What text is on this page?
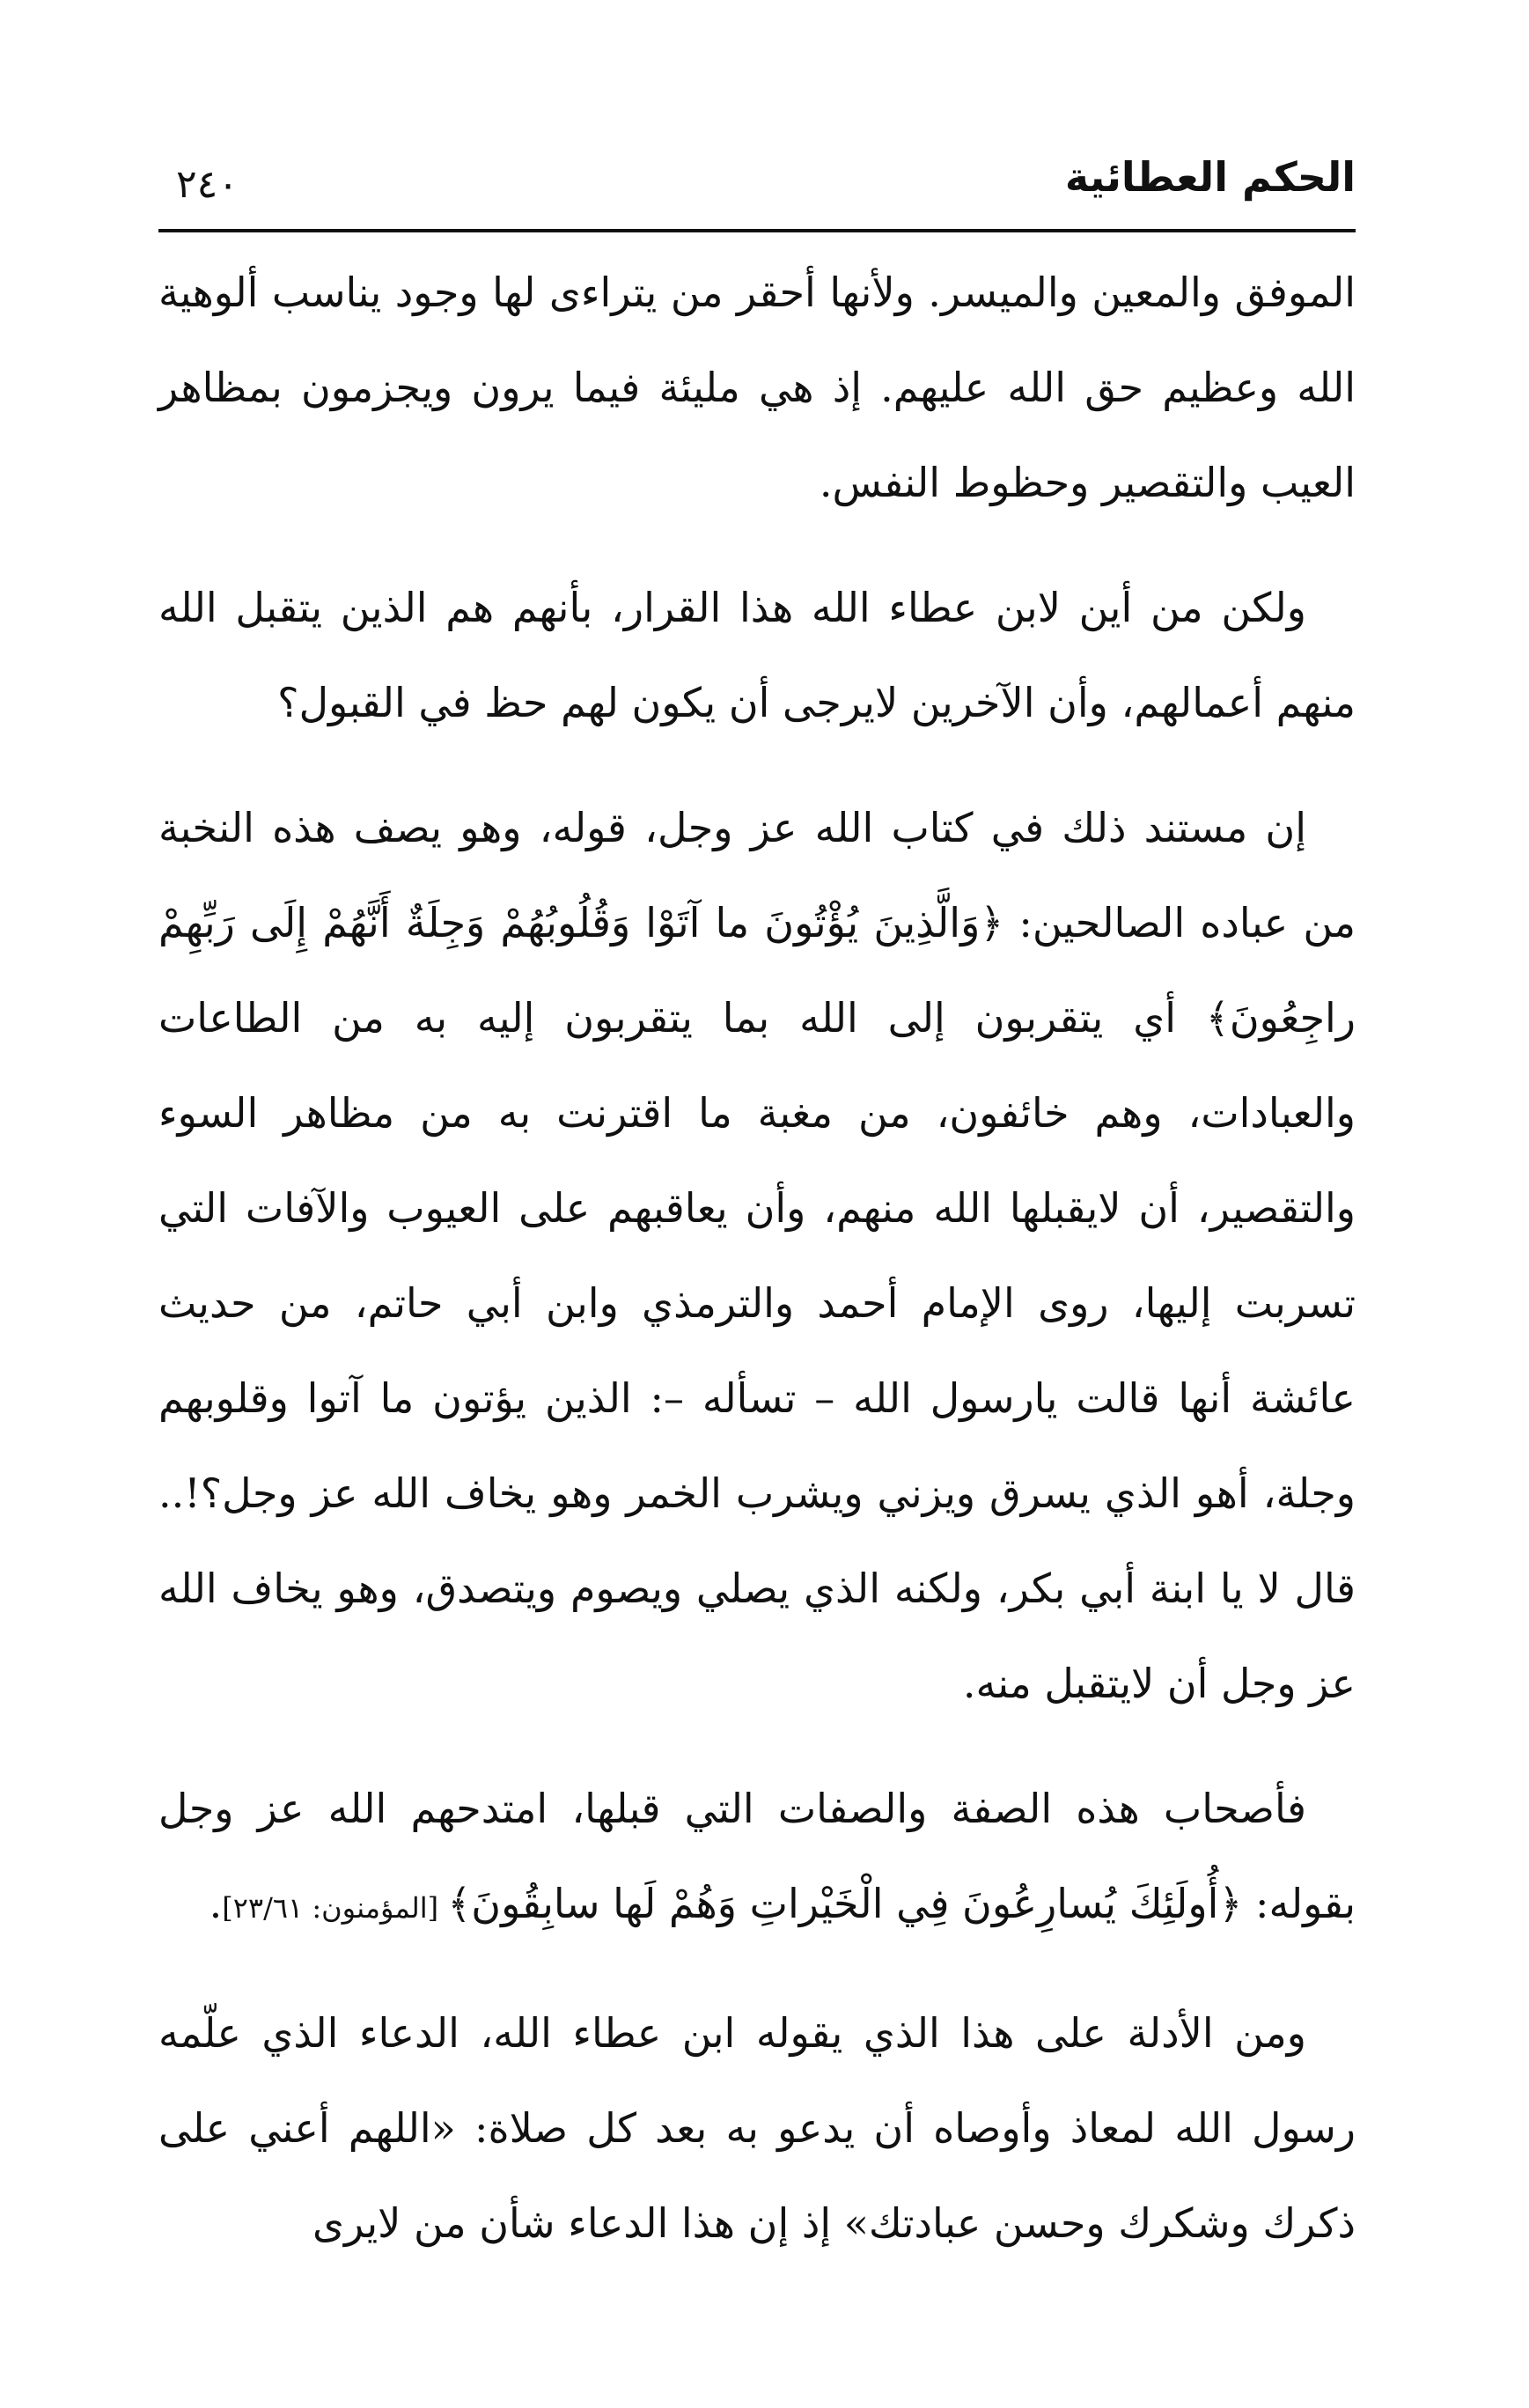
الحكم العطائية
٢٤٠

الموفق والمعين والميسر. ولأنها أحقر من يتراءى لها وجود يناسب ألوهية الله وعظيم حق الله عليهم. إذ هي مليئة فيما يرون ويجزمون بمظاهر العيب والتقصير وحظوط النفس.

ولكن من أين لابن عطاء الله هذا القرار، بأنهم هم الذين يتقبل الله منهم أعمالهم، وأن الآخرين لايرجى أن يكون لهم حظ في القبول؟

إن مستند ذلك في كتاب الله عز وجل، قوله، وهو يصف هذه النخبة من عباده الصالحين: ﴿وَالَّذِينَ يُؤْتُونَ ما آتَوْا وَقُلُوبُهُمْ وَجِلَةٌ أَنَّهُمْ إِلَى رَبِّهِمْ راجِعُونَ﴾ أي يتقربون إلى الله بما يتقربون إليه به من الطاعات والعبادات، وهم خائفون، من مغبة ما اقترنت به من مظاهر السوء والتقصير، أن لايقبلها الله منهم، وأن يعاقبهم على العيوب والآفات التي تسربت إليها، روى الإمام أحمد والترمذي وابن أبي حاتم، من حديث عائشة أنها قالت يارسول الله – تسأله –: الذين يؤتون ما آتوا وقلوبهم وجلة، أهو الذي يسرق ويزني ويشرب الخمر وهو يخاف الله عز وجل؟!.. قال لا يا ابنة أبي بكر، ولكنه الذي يصلي ويصوم ويتصدق، وهو يخاف الله عز وجل أن لايتقبل منه.

فأصحاب هذه الصفة والصفات التي قبلها، امتدحهم الله عز وجل بقوله: ﴿أُولَئِكَ يُسارِعُونَ فِي الْخَيْراتِ وَهُمْ لَها سابِقُونَ﴾ [المؤمنون: ٢٣/٦١].

ومن الأدلة على هذا الذي يقوله ابن عطاء الله، الدعاء الذي علّمه رسول الله لمعاذ وأوصاه أن يدعو به بعد كل صلاة: «اللهم أعني على ذكرك وشكرك وحسن عبادتك» إذ إن هذا الدعاء شأن من لايرى
